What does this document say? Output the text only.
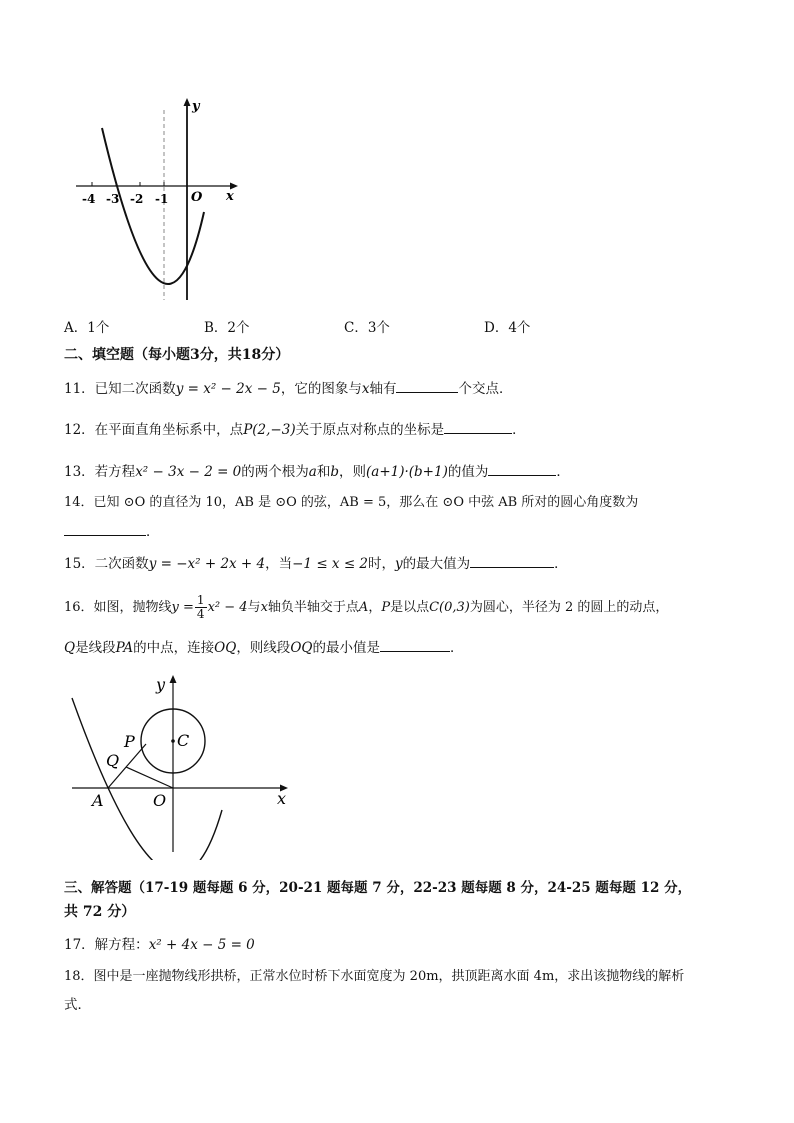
-4 -3 -2 -1 O x
y
A．1个	B．2个	C．3个	D．4个
二、填空题（每小题3分，共18分）
11．已知二次函数y = x² − 2x − 5，它的图象与x轴有	个交点．
12．在平面直角坐标系中，点P(2,−3)关于原点对称点的坐标是	．
13．若方程x² − 3x − 2 = 0的两个根为a和b，则(a+1)·(b+1)的值为	．
14．已知 ⊙O 的直径为 10，AB 是 ⊙O 的弦，AB = 5，那么在 ⊙O 中弦 AB 所对的圆心角度数为
．
15．二次函数y = −x² + 2x + 4，当−1 ≤ x ≤ 2时，y的最大值为	．
16．如图，抛物线$y = \frac{1}{4} x^2 - 4$与x轴负半轴交于点A，P是以点C(0,3)为圆心，半径为 2 的圆上的动点，
Q是线段PA的中点，连接OQ，则线段OQ的最小值是	．
y
x
P	C
Q
A	O
三、解答题（17-19 题每题 6 分，20-21 题每题 7 分，22-23 题每题 8 分，24-25 题每题 12 分，
共 72 分）
17．解方程：x² + 4x − 5 = 0
18．图中是一座抛物线形拱桥，正常水位时桥下水面宽度为 20m，拱顶距离水面 4m，求出该抛物线的解析
式．
